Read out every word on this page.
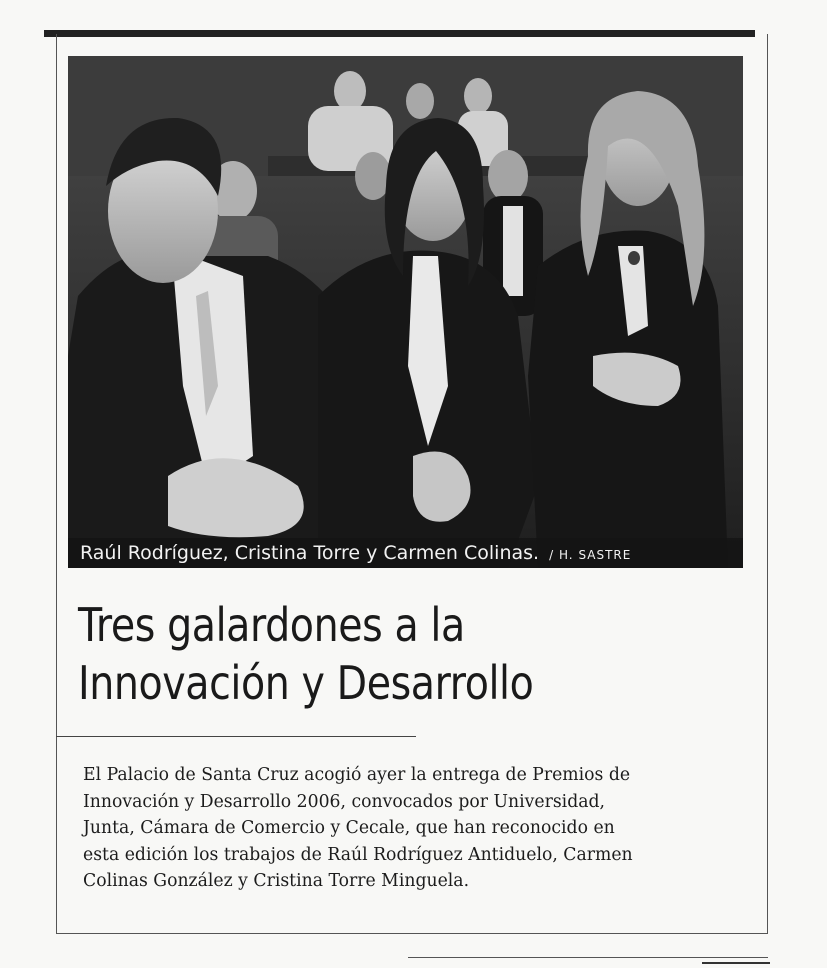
Raúl Rodríguez, Cristina Torre y Carmen Colinas. / H. SASTRE
Tres galardones a la
Innovación y Desarrollo
El Palacio de Santa Cruz acogió ayer la entrega de Premios de
Innovación y Desarrollo 2006, convocados por Universidad,
Junta, Cámara de Comercio y Cecale, que han reconocido en
esta edición los trabajos de Raúl Rodríguez Antiduelo, Carmen
Colinas González y Cristina Torre Minguela.
